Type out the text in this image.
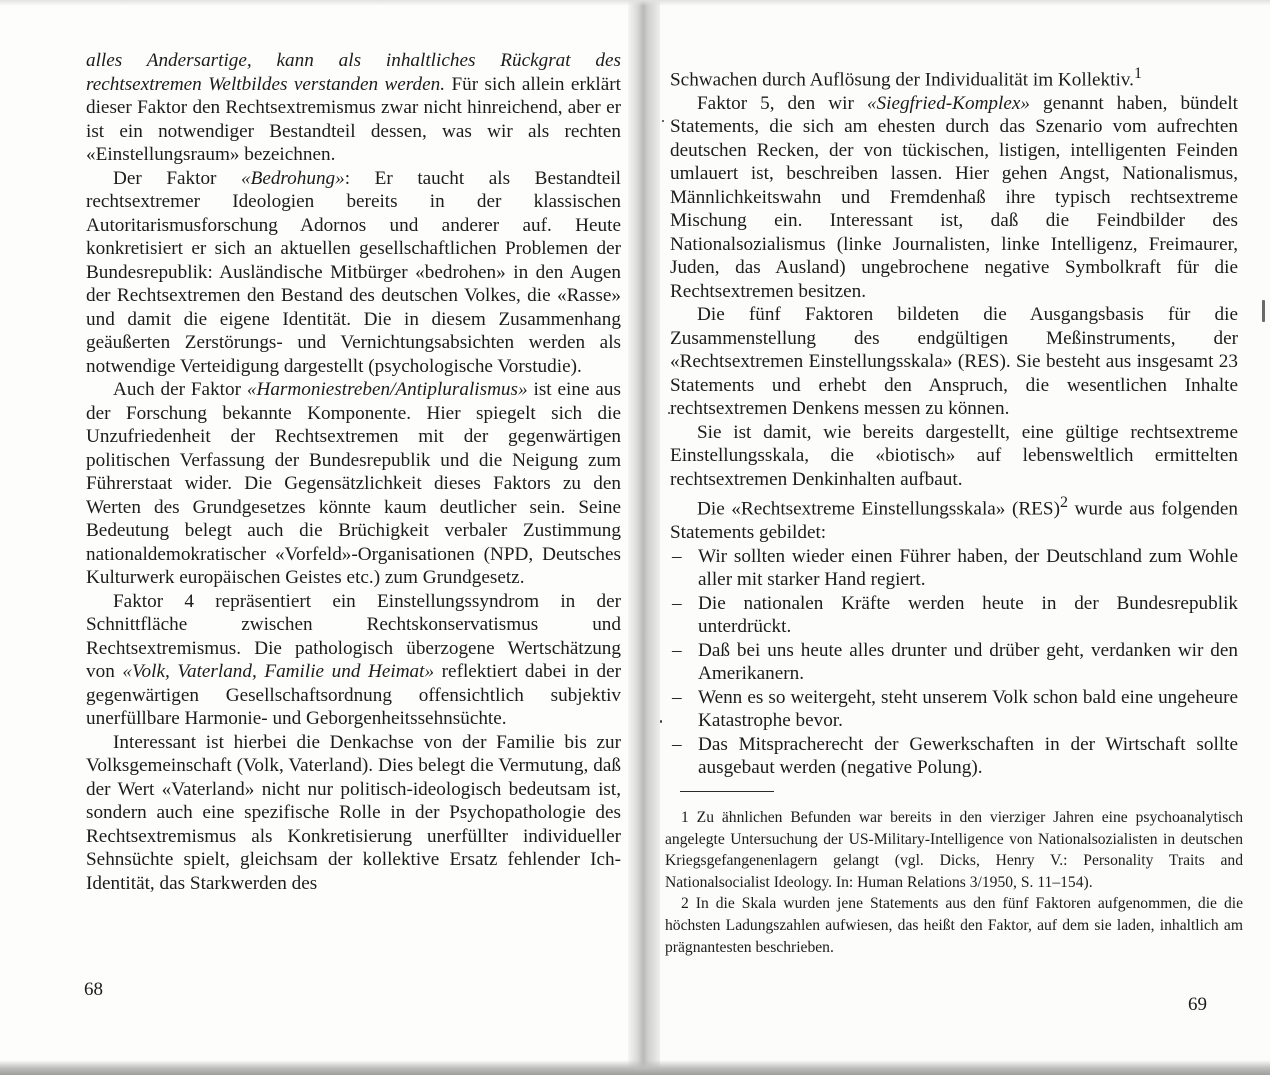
alles Andersartige, kann als inhaltliches Rückgrat des rechtsextremen Weltbildes verstanden werden. Für sich allein erklärt dieser Faktor den Rechtsextremismus zwar nicht hinreichend, aber er ist ein notwendiger Bestandteil dessen, was wir als rechten «Einstellungsraum» bezeichnen.

Der Faktor «Bedrohung»: Er taucht als Bestandteil rechtsextremer Ideologien bereits in der klassischen Autoritarismusforschung Adornos und anderer auf. Heute konkretisiert er sich an aktuellen gesellschaftlichen Problemen der Bundesrepublik: Ausländische Mitbürger «bedrohen» in den Augen der Rechtsextremen den Bestand des deutschen Volkes, die «Rasse» und damit die eigene Identität. Die in diesem Zusammenhang geäußerten Zerstörungs- und Vernichtungsabsichten werden als notwendige Verteidigung dargestellt (psychologische Vorstudie).

Auch der Faktor «Harmoniestreben/Antipluralismus» ist eine aus der Forschung bekannte Komponente. Hier spiegelt sich die Unzufriedenheit der Rechtsextremen mit der gegenwärtigen politischen Verfassung der Bundesrepublik und die Neigung zum Führerstaat wider. Die Gegensätzlichkeit dieses Faktors zu den Werten des Grundgesetzes könnte kaum deutlicher sein. Seine Bedeutung belegt auch die Brüchigkeit verbaler Zustimmung nationaldemokratischer «Vorfeld»-Organisationen (NPD, Deutsches Kulturwerk europäischen Geistes etc.) zum Grundgesetz.

Faktor 4 repräsentiert ein Einstellungssyndrom in der Schnittfläche zwischen Rechtskonservatismus und Rechtsextremismus. Die pathologisch überzogene Wertschätzung von «Volk, Vaterland, Familie und Heimat» reflektiert dabei in der gegenwärtigen Gesellschaftsordnung offensichtlich subjektiv unerfüllbare Harmonie- und Geborgenheitssehnsüchte.

Interessant ist hierbei die Denkachse von der Familie bis zur Volksgemeinschaft (Volk, Vaterland). Dies belegt die Vermutung, daß der Wert «Vaterland» nicht nur politisch-ideologisch bedeutsam ist, sondern auch eine spezifische Rolle in der Psychopathologie des Rechtsextremismus als Konkretisierung unerfüllter individueller Sehnsüchte spielt, gleichsam der kollektive Ersatz fehlender Ich-Identität, das Starkwerden des

68

Schwachen durch Auflösung der Individualität im Kollektiv.$^1$

Faktor 5, den wir «Siegfried-Komplex» genannt haben, bündelt Statements, die sich am ehesten durch das Szenario vom aufrechten deutschen Recken, der von tückischen, listigen, intelligenten Feinden umlauert ist, beschreiben lassen. Hier gehen Angst, Nationalismus, Männlichkeitswahn und Fremdenhaß ihre typisch rechtsextreme Mischung ein. Interessant ist, daß die Feindbilder des Nationalsozialismus (linke Journalisten, linke Intelligenz, Freimaurer, Juden, das Ausland) ungebrochene negative Symbolkraft für die Rechtsextremen besitzen.

Die fünf Faktoren bildeten die Ausgangsbasis für die Zusammenstellung des endgültigen Meßinstruments, der «Rechtsextremen Einstellungsskala» (RES). Sie besteht aus insgesamt 23 Statements und erhebt den Anspruch, die wesentlichen Inhalte rechtsextremen Denkens messen zu können.

Sie ist damit, wie bereits dargestellt, eine gültige rechtsextreme Einstellungsskala, die «biotisch» auf lebensweltlich ermittelten rechtsextremen Denkinhalten aufbaut.

Die «Rechtsextreme Einstellungsskala» (RES)$^2$ wurde aus folgenden Statements gebildet:

– Wir sollten wieder einen Führer haben, der Deutschland zum Wohle aller mit starker Hand regiert.
– Die nationalen Kräfte werden heute in der Bundesrepublik unterdrückt.
– Daß bei uns heute alles drunter und drüber geht, verdanken wir den Amerikanern.
– Wenn es so weitergeht, steht unserem Volk schon bald eine ungeheure Katastrophe bevor.
– Das Mitspracherecht der Gewerkschaften in der Wirtschaft sollte ausgebaut werden (negative Polung).

1 Zu ähnlichen Befunden war bereits in den vierziger Jahren eine psychoanalytisch angelegte Untersuchung der US-Military-Intelligence von Nationalsozialisten in deutschen Kriegsgefangenenlagern gelangt (vgl. Dicks, Henry V.: Personality Traits and Nationalsocialist Ideology. In: Human Relations 3/1950, S. 11–154).

2 In die Skala wurden jene Statements aus den fünf Faktoren aufgenommen, die die höchsten Ladungszahlen aufwiesen, das heißt den Faktor, auf dem sie laden, inhaltlich am prägnantesten beschrieben.

69
